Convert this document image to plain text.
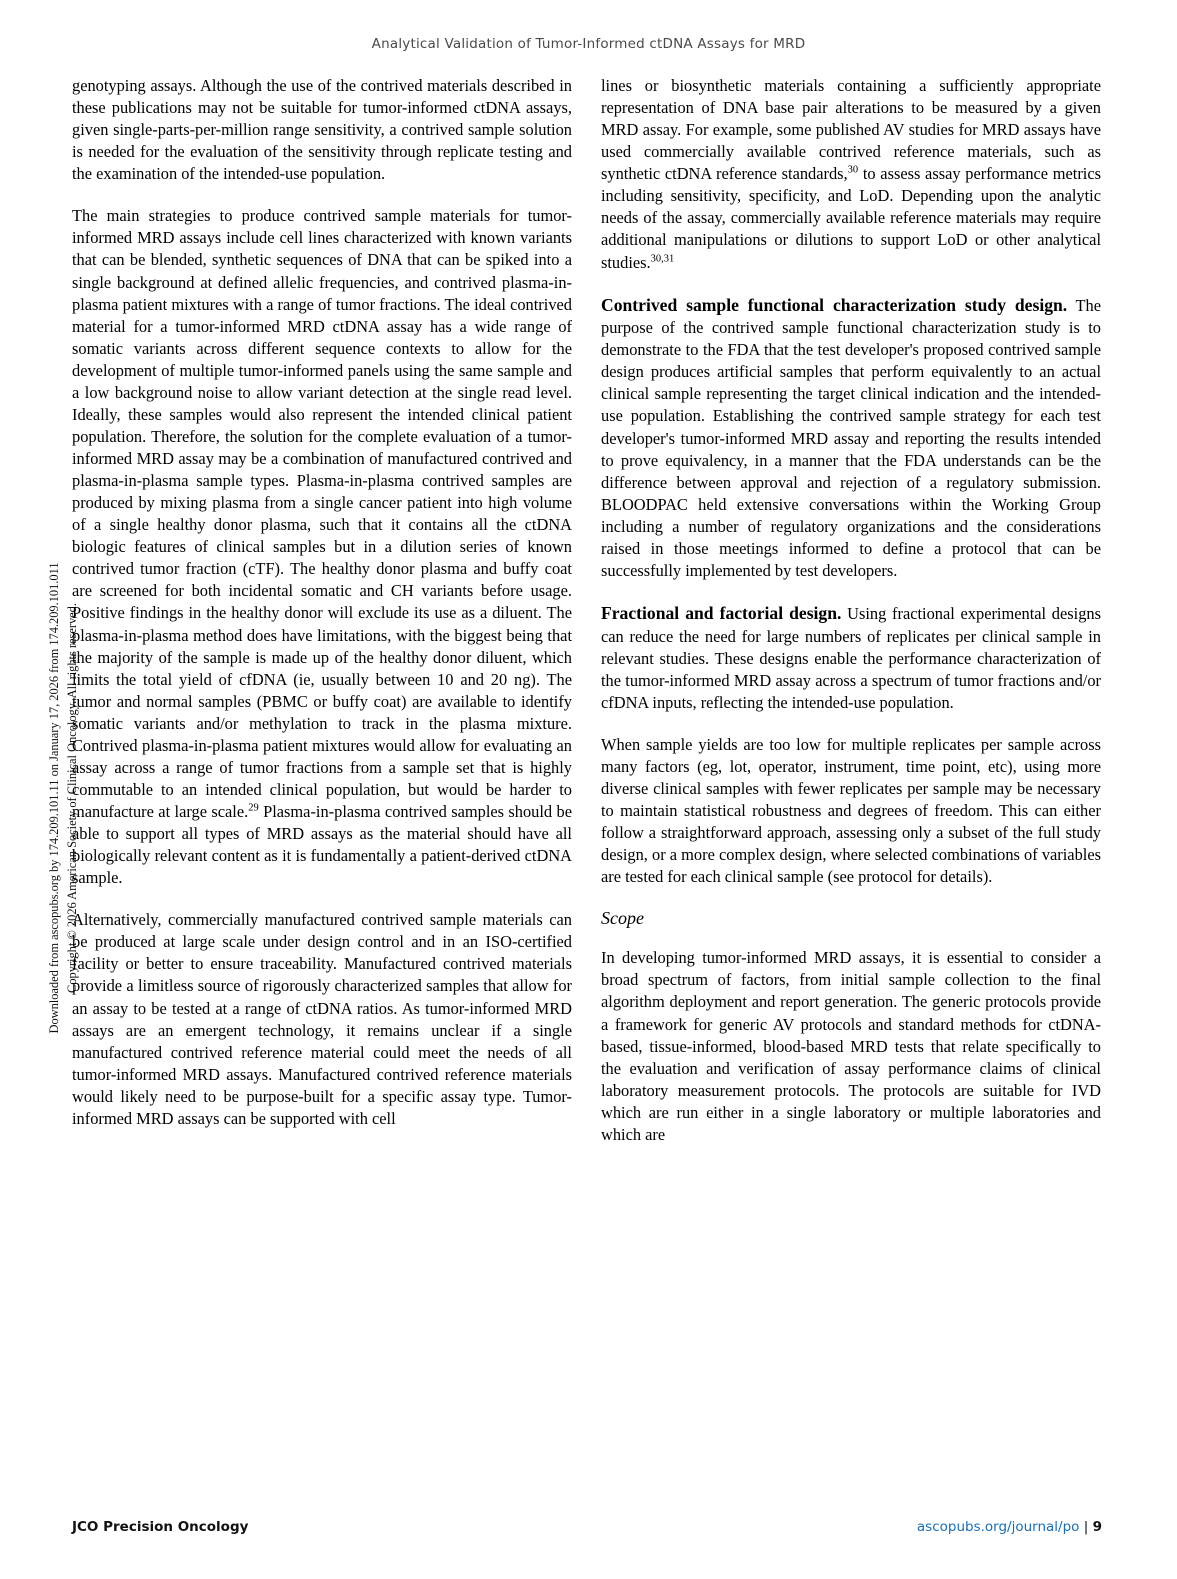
Analytical Validation of Tumor-Informed ctDNA Assays for MRD
Downloaded from ascopubs.org by 174.209.101.11 on January 17, 2026 from 174.209.101.011 Copyright © 2026 American Society of Clinical Oncology. All rights reserved.

genotyping assays. Although the use of the contrived materials described in these publications may not be suitable for tumor-informed ctDNA assays, given single-parts-per-million range sensitivity, a contrived sample solution is needed for the evaluation of the sensitivity through replicate testing and the examination of the intended-use population.

The main strategies to produce contrived sample materials for tumor-informed MRD assays include cell lines characterized with known variants that can be blended, synthetic sequences of DNA that can be spiked into a single background at defined allelic frequencies, and contrived plasma-in-plasma patient mixtures with a range of tumor fractions. The ideal contrived material for a tumor-informed MRD ctDNA assay has a wide range of somatic variants across different sequence contexts to allow for the development of multiple tumor-informed panels using the same sample and a low background noise to allow variant detection at the single read level. Ideally, these samples would also represent the intended clinical patient population. Therefore, the solution for the complete evaluation of a tumor-informed MRD assay may be a combination of manufactured contrived and plasma-in-plasma sample types. Plasma-in-plasma contrived samples are produced by mixing plasma from a single cancer patient into high volume of a single healthy donor plasma, such that it contains all the ctDNA biologic features of clinical samples but in a dilution series of known contrived tumor fraction (cTF). The healthy donor plasma and buffy coat are screened for both incidental somatic and CH variants before usage. Positive findings in the healthy donor will exclude its use as a diluent. The plasma-in-plasma method does have limitations, with the biggest being that the majority of the sample is made up of the healthy donor diluent, which limits the total yield of cfDNA (ie, usually between 10 and 20 ng). The tumor and normal samples (PBMC or buffy coat) are available to identify somatic variants and/or methylation to track in the plasma mixture. Contrived plasma-in-plasma patient mixtures would allow for evaluating an assay across a range of tumor fractions from a sample set that is highly commutable to an intended clinical population, but would be harder to manufacture at large scale.$^{29}$ Plasma-in-plasma contrived samples should be able to support all types of MRD assays as the material should have all biologically relevant content as it is fundamentally a patient-derived ctDNA sample.

Alternatively, commercially manufactured contrived sample materials can be produced at large scale under design control and in an ISO-certified facility or better to ensure traceability. Manufactured contrived materials provide a limitless source of rigorously characterized samples that allow for an assay to be tested at a range of ctDNA ratios. As tumor-informed MRD assays are an emergent technology, it remains unclear if a single manufactured contrived reference material could meet the needs of all tumor-informed MRD assays. Manufactured contrived reference materials would likely need to be purpose-built for a specific assay type. Tumor-informed MRD assays can be supported with cell

lines or biosynthetic materials containing a sufficiently appropriate representation of DNA base pair alterations to be measured by a given MRD assay. For example, some published AV studies for MRD assays have used commercially available contrived reference materials, such as synthetic ctDNA reference standards,$^{30}$ to assess assay performance metrics including sensitivity, specificity, and LoD. Depending upon the analytic needs of the assay, commercially available reference materials may require additional manipulations or dilutions to support LoD or other analytical studies.$^{30,31}$

Contrived sample functional characterization study design. The purpose of the contrived sample functional characterization study is to demonstrate to the FDA that the test developer's proposed contrived sample design produces artificial samples that perform equivalently to an actual clinical sample representing the target clinical indication and the intended-use population. Establishing the contrived sample strategy for each test developer's tumor-informed MRD assay and reporting the results intended to prove equivalency, in a manner that the FDA understands can be the difference between approval and rejection of a regulatory submission. BLOODPAC held extensive conversations within the Working Group including a number of regulatory organizations and the considerations raised in those meetings informed to define a protocol that can be successfully implemented by test developers.

Fractional and factorial design. Using fractional experimental designs can reduce the need for large numbers of replicates per clinical sample in relevant studies. These designs enable the performance characterization of the tumor-informed MRD assay across a spectrum of tumor fractions and/or cfDNA inputs, reflecting the intended-use population.

When sample yields are too low for multiple replicates per sample across many factors (eg, lot, operator, instrument, time point, etc), using more diverse clinical samples with fewer replicates per sample may be necessary to maintain statistical robustness and degrees of freedom. This can either follow a straightforward approach, assessing only a subset of the full study design, or a more complex design, where selected combinations of variables are tested for each clinical sample (see protocol for details).

Scope

In developing tumor-informed MRD assays, it is essential to consider a broad spectrum of factors, from initial sample collection to the final algorithm deployment and report generation. The generic protocols provide a framework for generic AV protocols and standard methods for ctDNA-based, tissue-informed, blood-based MRD tests that relate specifically to the evaluation and verification of assay performance claims of clinical laboratory measurement protocols. The protocols are suitable for IVD which are run either in a single laboratory or multiple laboratories and which are

JCO Precision Oncology	ascopubs.org/journal/po | 9
